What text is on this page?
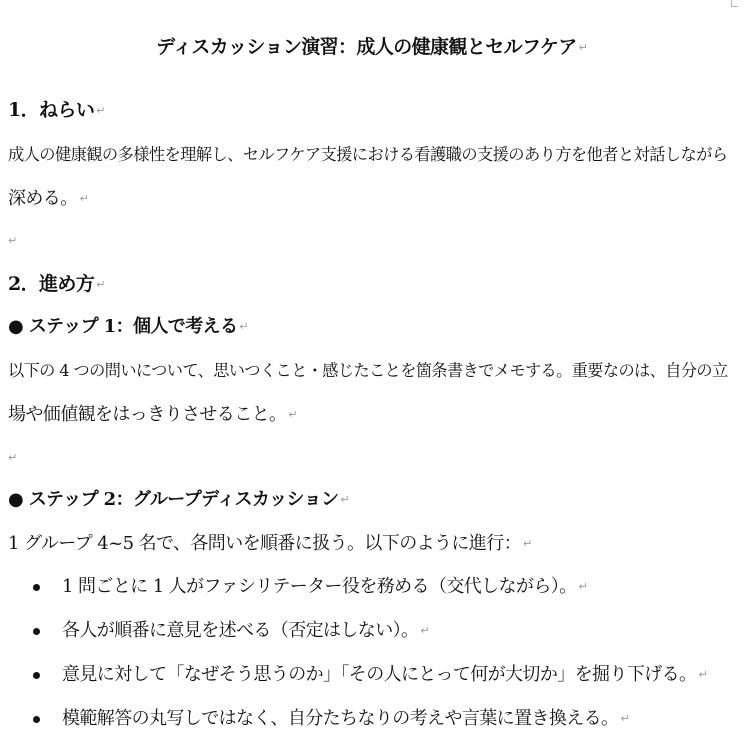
ディスカッション演習：成人の健康観とセルフケア ↵
1．ねらい ↵
成人の健康観の多様性を理解し、セルフケア支援における看護職の支援のあり方を他者と対話しながら
深める。 ↵
↵
2．進め方 ↵
● ステップ 1：個人で考える ↵
以下の 4 つの問いについて、思いつくこと・感じたことを箇条書きでメモする。重要なのは、自分の立
場や価値観をはっきりさせること。 ↵
↵
● ステップ 2：グループディスカッション ↵
1 グループ 4~5 名で、各問いを順番に扱う。以下のように進行： ↵
1 問ごとに 1 人がファシリテーター役を務める（交代しながら）。 ↵
各人が順番に意見を述べる（否定はしない）。 ↵
意見に対して「なぜそう思うのか」「その人にとって何が大切か」を掘り下げる。 ↵
模範解答の丸写しではなく、自分たちなりの考えや言葉に置き換える。 ↵
